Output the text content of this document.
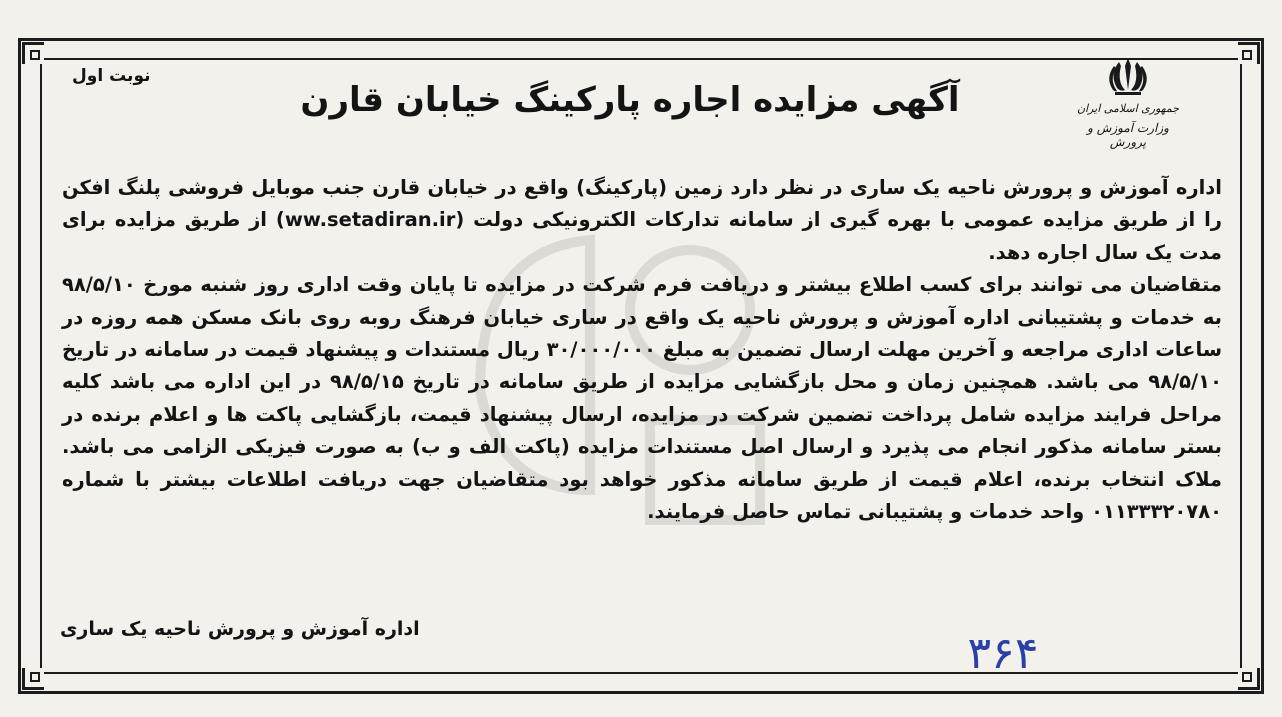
نوبت اول
آگهی مزایده اجاره پارکینگ خیابان قارن	جمهوری اسلامی ایران
وزارت آموزش و پرورش

اداره آموزش و پرورش ناحیه یک ساری در نظر دارد زمین (پارکینگ) واقع در خیابان قارن جنب موبایل فروشی پلنگ افکن را از طریق مزایده عمومی با بهره گیری از سامانه تدارکات الکترونیکی دولت (ww.setadiran.ir) از طریق مزایده برای مدت یک سال اجاره دهد.

متقاضیان می توانند برای کسب اطلاع بیشتر و دریافت فرم شرکت در مزایده تا پایان وقت اداری روز شنبه مورخ ۹۸/۵/۱۰ به خدمات و پشتیبانی اداره آموزش و پرورش ناحیه یک واقع در ساری خیابان فرهنگ روبه روی بانک مسکن همه روزه در ساعات اداری مراجعه و آخرین مهلت ارسال تضمین به مبلغ ۳۰/۰۰۰/۰۰۰ ریال مستندات و پیشنهاد قیمت در سامانه در تاریخ ۹۸/۵/۱۰ می باشد. همچنین زمان و محل بازگشایی مزایده از طریق سامانه در تاریخ ۹۸/۵/۱۵ در این اداره می باشد کلیه مراحل فرایند مزایده شامل پرداخت تضمین شرکت در مزایده، ارسال پیشنهاد قیمت، بازگشایی پاکت ها و اعلام برنده در بستر سامانه مذکور انجام می پذیرد و ارسال اصل مستندات مزایده (پاکت الف و ب) به صورت فیزیکی الزامی می باشد. ملاک انتخاب برنده، اعلام قیمت از طریق سامانه مذکور خواهد بود متقاضیان جهت دریافت اطلاعات بیشتر با شماره ۰۱۱۳۳۳۲۰۷۸۰ واحد خدمات و پشتیبانی تماس حاصل فرمایند.

اداره آموزش و پرورش ناحیه یک ساری	۳۶۴
